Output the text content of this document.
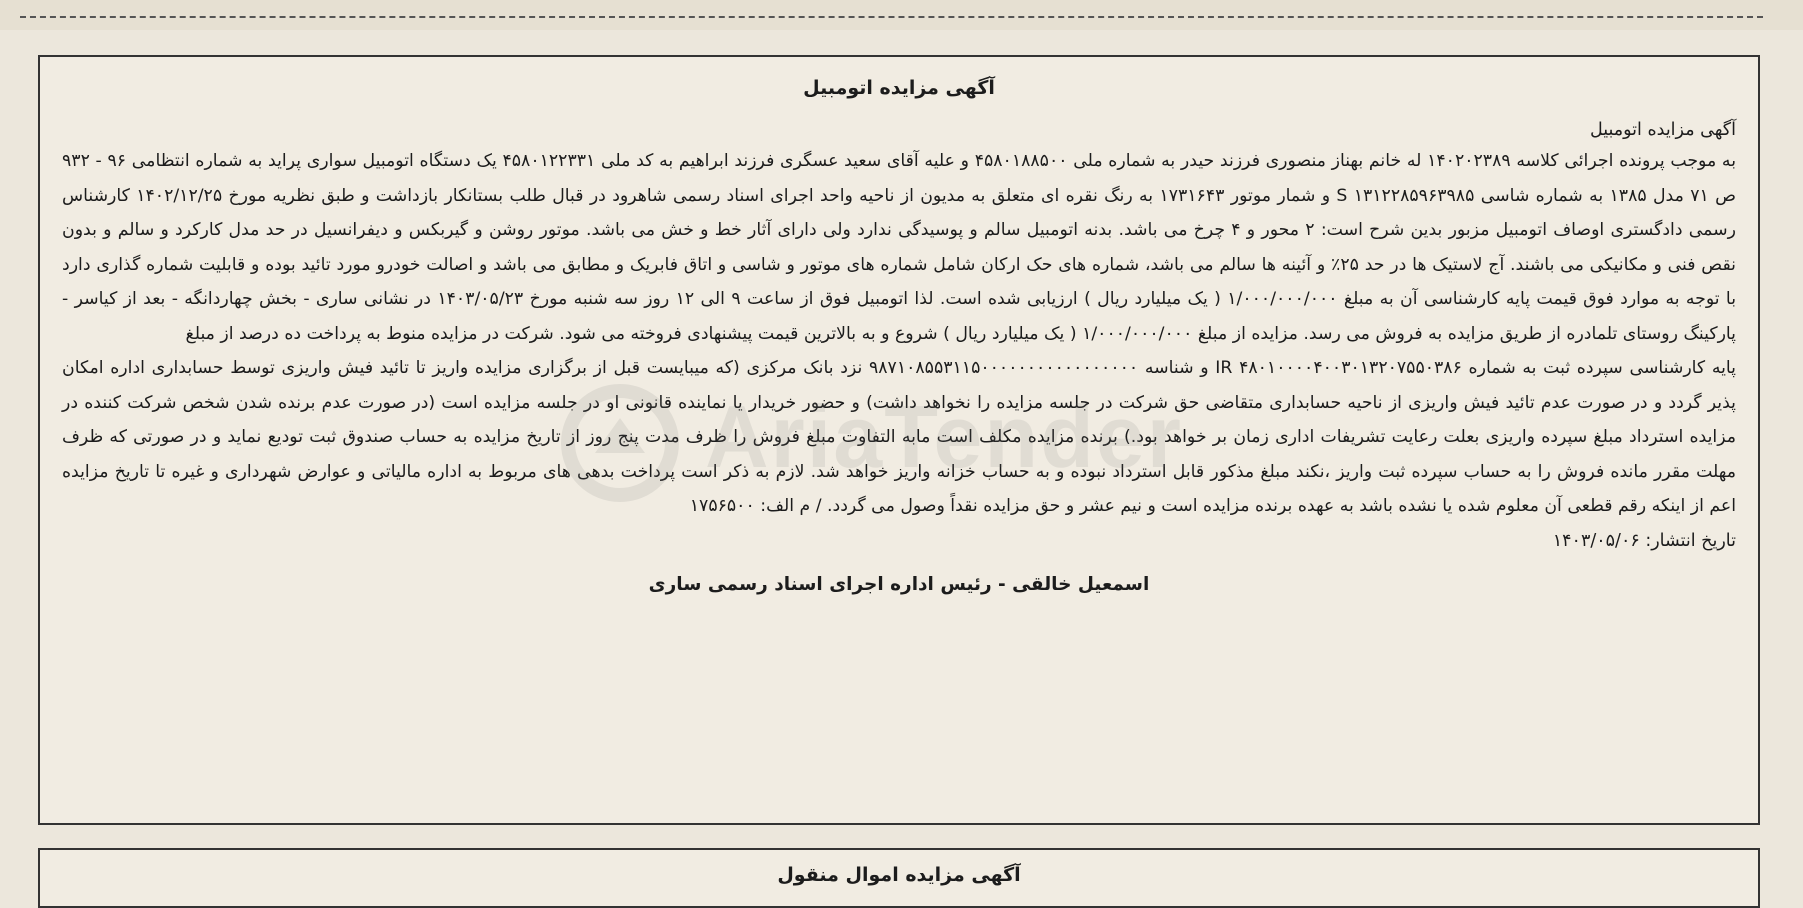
آگهی مزایده اتومبیل
آگهی مزایده اتومبیل

به موجب پرونده اجرائی کلاسه ۱۴۰۲۰۲۳۸۹ له خانم بهناز منصوری فرزند حیدر به شماره ملی ۴۵۸۰۱۸۸۵۰۰ و علیه آقای سعید عسگری فرزند ابراهیم به کد ملی ۴۵۸۰۱۲۲۳۳۱ یک دستگاه اتومبیل سواری پراید به شماره انتظامی ۹۶ - ۹۳۲ ص ۷۱ مدل ۱۳۸۵ به شماره شاسی S ۱۳۱۲۲۸۵۹۶۳۹۸۵ و شمار موتور ۱۷۳۱۶۴۳ به رنگ نقره ای متعلق به مدیون از ناحیه واحد اجرای اسناد رسمی شاهرود در قبال طلب بستانکار بازداشت و طبق نظریه مورخ ۱۴۰۲/۱۲/۲۵ کارشناس رسمی دادگستری اوصاف اتومبیل مزبور بدین شرح است: ۲ محور و ۴ چرخ می باشد. بدنه اتومبیل سالم و پوسیدگی ندارد ولی دارای آثار خط و خش می باشد. موتور روشن و گیربکس و دیفرانسیل در حد مدل کارکرد و سالم و بدون نقص فنی و مکانیکی می باشند. آج لاستیک ها در حد ۲۵٪ و آئینه ها سالم می باشد، شماره های حک ارکان شامل شماره های موتور و شاسی و اتاق فابریک و مطابق می باشد و اصالت خودرو مورد تائید بوده و قابلیت شماره گذاری دارد با توجه به موارد فوق قیمت پایه کارشناسی آن به مبلغ ۱/۰۰۰/۰۰۰/۰۰۰ ( یک میلیارد ریال ) ارزیابی شده است. لذا اتومبیل فوق از ساعت ۹ الی ۱۲ روز سه شنبه مورخ ۱۴۰۳/۰۵/۲۳ در نشانی ساری - بخش چهاردانگه - بعد از کیاسر - پارکینگ روستای تلمادره از طریق مزایده به فروش می رسد. مزایده از مبلغ ۱/۰۰۰/۰۰۰/۰۰۰ ( یک میلیارد ریال ) شروع و به بالاترین قیمت پیشنهادی فروخته می شود. شرکت در مزایده منوط به پرداخت ده درصد از مبلغ

پایه کارشناسی سپرده ثبت به شماره IR ۴۸۰۱۰۰۰۰۴۰۰۳۰۱۳۲۰۷۵۵۰۳۸۶ و شناسه ۹۸۷۱۰۸۵۵۳۱۱۵۰۰۰۰۰۰۰۰۰۰۰۰۰۰۰۰۰ نزد بانک مرکزی (که میبایست قبل از برگزاری مزایده واریز تا تائید فیش واریزی توسط حسابداری اداره امکان پذیر گردد و در صورت عدم تائید فیش واریزی از ناحیه حسابداری متقاضی حق شرکت در جلسه مزایده را نخواهد داشت) و حضور خریدار یا نماینده قانونی او در جلسه مزایده است (در صورت عدم برنده شدن شخص شرکت کننده در مزایده استرداد مبلغ سپرده واریزی بعلت رعایت تشریفات اداری زمان بر خواهد بود.) برنده مزایده مکلف است مابه التفاوت مبلغ فروش را ظرف مدت پنج روز از تاریخ مزایده به حساب صندوق ثبت توديع نماید و در صورتی که ظرف مهلت مقرر مانده فروش را به حساب سپرده ثبت واریز ،نکند مبلغ مذکور قابل استرداد نبوده و به حساب خزانه واریز خواهد شد. لازم به ذکر است پرداخت بدهی های مربوط به اداره مالیاتی و عوارض شهرداری و غیره تا تاریخ مزایده اعم از اینکه رقم قطعی آن معلوم شده یا نشده باشد به عهده برنده مزایده است و نیم عشر و حق مزایده نقداً وصول می گردد. / م الف: ۱۷۵۶۵۰۰

تاریخ انتشار: ۱۴۰۳/۰۵/۰۶
اسمعیل خالقی - رئیس اداره اجرای اسناد رسمی ساری
آگهی مزایده اموال منقول
